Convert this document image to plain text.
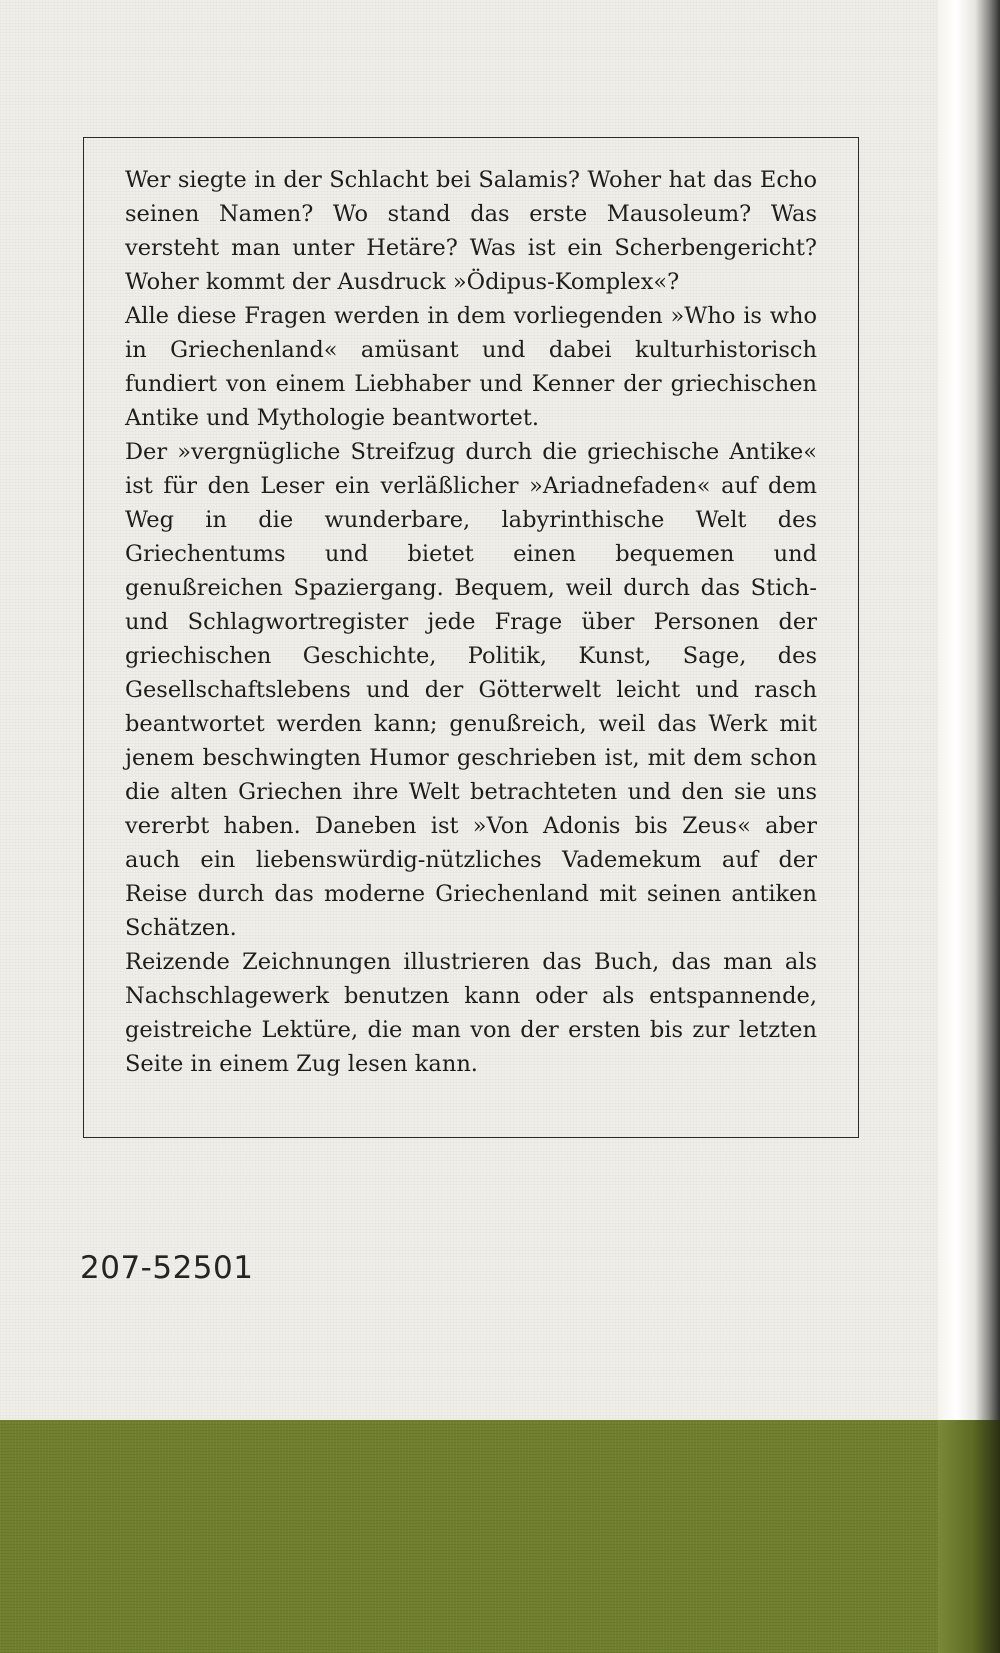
Wer siegte in der Schlacht bei Salamis? Woher hat das Echo seinen Namen? Wo stand das erste Mausoleum? Was versteht man unter Hetäre? Was ist ein Scherbengericht? Woher kommt der Ausdruck »Ödipus-Komplex«?

Alle diese Fragen werden in dem vorliegenden »Who is who in Griechenland« amüsant und dabei kulturhistorisch fundiert von einem Liebhaber und Kenner der griechischen Antike und Mythologie beantwortet.

Der »vergnügliche Streifzug durch die griechische Antike« ist für den Leser ein verläßlicher »Ariadnefaden« auf dem Weg in die wunderbare, labyrinthische Welt des Griechentums und bietet einen bequemen und genußreichen Spaziergang. Bequem, weil durch das Stich- und Schlagwortregister jede Frage über Personen der griechischen Geschichte, Politik, Kunst, Sage, des Gesellschaftslebens und der Götterwelt leicht und rasch beantwortet werden kann; genußreich, weil das Werk mit jenem beschwingten Humor geschrieben ist, mit dem schon die alten Griechen ihre Welt betrachteten und den sie uns vererbt haben. Daneben ist »Von Adonis bis Zeus« aber auch ein liebenswürdig-nützliches Vademekum auf der Reise durch das moderne Griechenland mit seinen antiken Schätzen.

Reizende Zeichnungen illustrieren das Buch, das man als Nachschlagewerk benutzen kann oder als entspannende, geistreiche Lektüre, die man von der ersten bis zur letzten Seite in einem Zug lesen kann.

207-52501
